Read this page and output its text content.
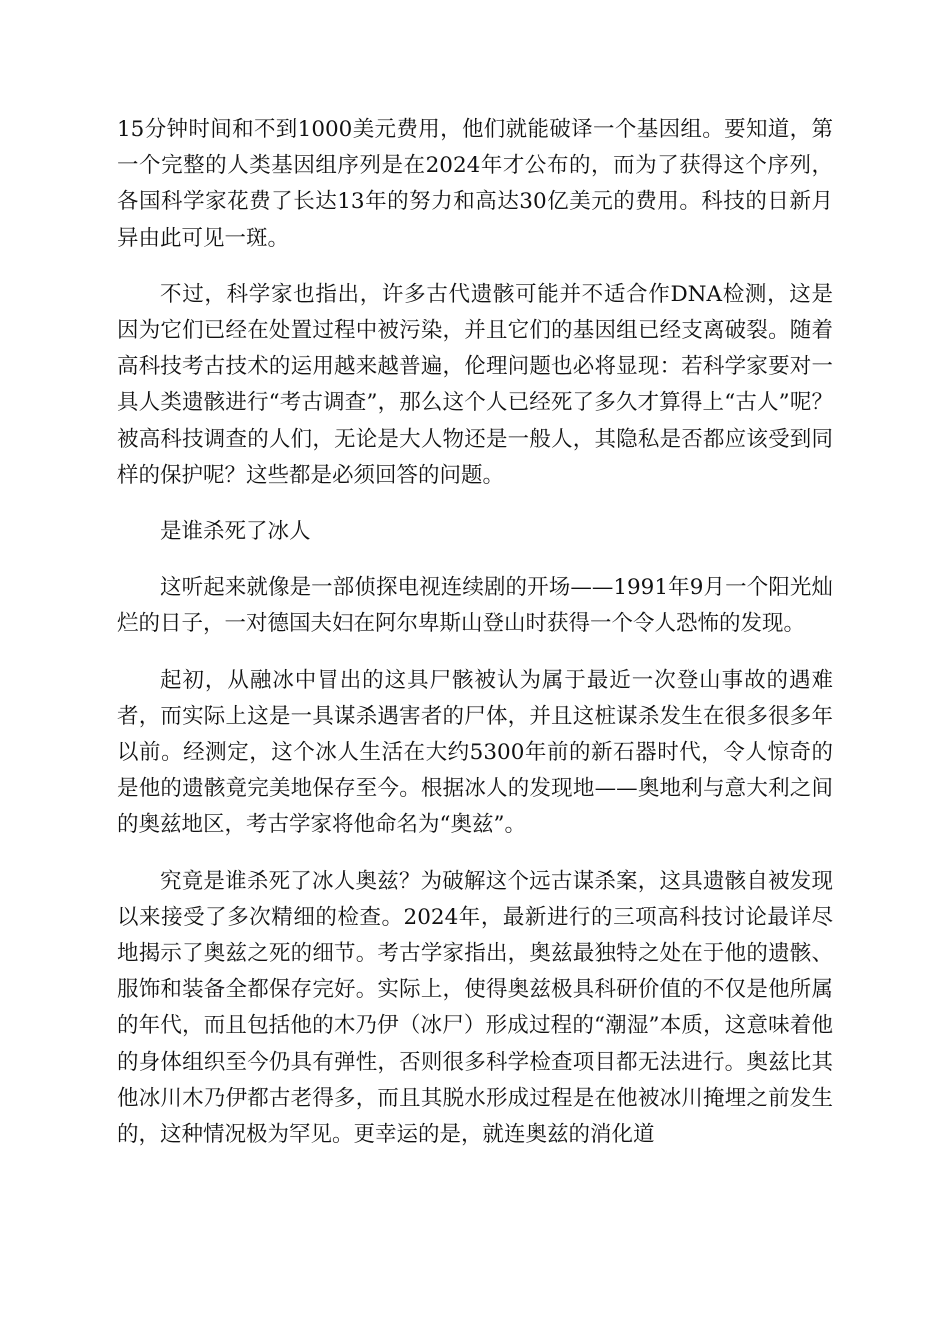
15分钟时间和不到1000美元费用，他们就能破译一个基因组。要知道，第一个完整的人类基因组序列是在2024年才公布的，而为了获得这个序列，各国科学家花费了长达13年的努力和高达30亿美元的费用。科技的日新月异由此可见一斑。

不过，科学家也指出，许多古代遗骸可能并不适合作DNA检测，这是因为它们已经在处置过程中被污染，并且它们的基因组已经支离破裂。随着高科技考古技术的运用越来越普遍，伦理问题也必将显现：若科学家要对一具人类遗骸进行“考古调查”，那么这个人已经死了多久才算得上“古人”呢？被高科技调查的人们，无论是大人物还是一般人，其隐私是否都应该受到同样的保护呢？这些都是必须回答的问题。

是谁杀死了冰人

这听起来就像是一部侦探电视连续剧的开场——1991年9月一个阳光灿烂的日子，一对德国夫妇在阿尔卑斯山登山时获得一个令人恐怖的发现。

起初，从融冰中冒出的这具尸骸被认为属于最近一次登山事故的遇难者，而实际上这是一具谋杀遇害者的尸体，并且这桩谋杀发生在很多很多年以前。经测定，这个冰人生活在大约5300年前的新石器时代，令人惊奇的是他的遗骸竟完美地保存至今。根据冰人的发现地——奥地利与意大利之间的奥兹地区，考古学家将他命名为“奥兹”。

究竟是谁杀死了冰人奥兹？为破解这个远古谋杀案，这具遗骸自被发现以来接受了多次精细的检查。2024年，最新进行的三项高科技讨论最详尽地揭示了奥兹之死的细节。考古学家指出，奥兹最独特之处在于他的遗骸、服饰和装备全都保存完好。实际上，使得奥兹极具科研价值的不仅是他所属的年代，而且包括他的木乃伊（冰尸）形成过程的“潮湿”本质，这意味着他的身体组织至今仍具有弹性，否则很多科学检查项目都无法进行。奥兹比其他冰川木乃伊都古老得多，而且其脱水形成过程是在他被冰川掩埋之前发生的，这种情况极为罕见。更幸运的是，就连奥兹的消化道
